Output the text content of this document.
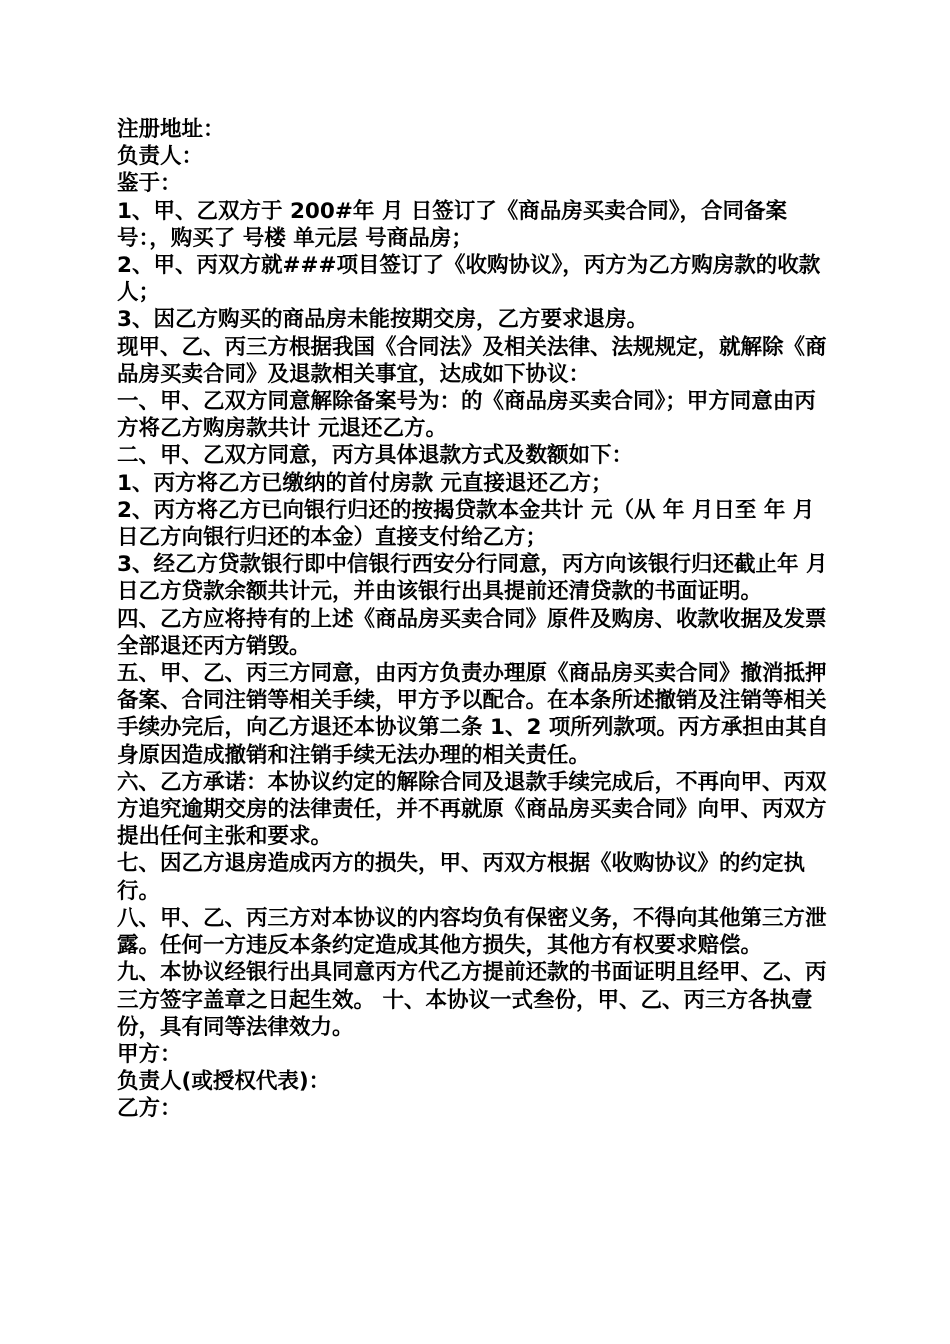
注册地址：

负责人：

鉴于：

1、甲、乙双方于 200#年 月 日签订了《商品房买卖合同》，合同备案号：，购买了 号楼 单元层 号商品房；

2、甲、丙双方就###项目签订了《收购协议》，丙方为乙方购房款的收款人；

3、因乙方购买的商品房未能按期交房，乙方要求退房。

现甲、乙、丙三方根据我国《合同法》及相关法律、法规规定，就解除《商品房买卖合同》及退款相关事宜，达成如下协议：

一、甲、乙双方同意解除备案号为：的《商品房买卖合同》；甲方同意由丙方将乙方购房款共计 元退还乙方。

二、甲、乙双方同意，丙方具体退款方式及数额如下：

1、丙方将乙方已缴纳的首付房款 元直接退还乙方；

2、丙方将乙方已向银行归还的按揭贷款本金共计 元（从 年 月日至 年 月 日乙方向银行归还的本金）直接支付给乙方；

3、经乙方贷款银行即中信银行西安分行同意，丙方向该银行归还截止年 月 日乙方贷款余额共计元，并由该银行出具提前还清贷款的书面证明。

四、乙方应将持有的上述《商品房买卖合同》原件及购房、收款收据及发票全部退还丙方销毁。

五、甲、乙、丙三方同意，由丙方负责办理原《商品房买卖合同》撤消抵押备案、合同注销等相关手续，甲方予以配合。在本条所述撤销及注销等相关手续办完后，向乙方退还本协议第二条 1、2 项所列款项。丙方承担由其自身原因造成撤销和注销手续无法办理的相关责任。

六、乙方承诺：本协议约定的解除合同及退款手续完成后，不再向甲、丙双方追究逾期交房的法律责任，并不再就原《商品房买卖合同》向甲、丙双方提出任何主张和要求。

七、因乙方退房造成丙方的损失，甲、丙双方根据《收购协议》的约定执行。

八、甲、乙、丙三方对本协议的内容均负有保密义务，不得向其他第三方泄露。任何一方违反本条约定造成其他方损失，其他方有权要求赔偿。

九、本协议经银行出具同意丙方代乙方提前还款的书面证明且经甲、乙、丙三方签字盖章之日起生效。 十、本协议一式叁份，甲、乙、丙三方各执壹份，具有同等法律效力。

甲方：

负责人(或授权代表)：

乙方：
